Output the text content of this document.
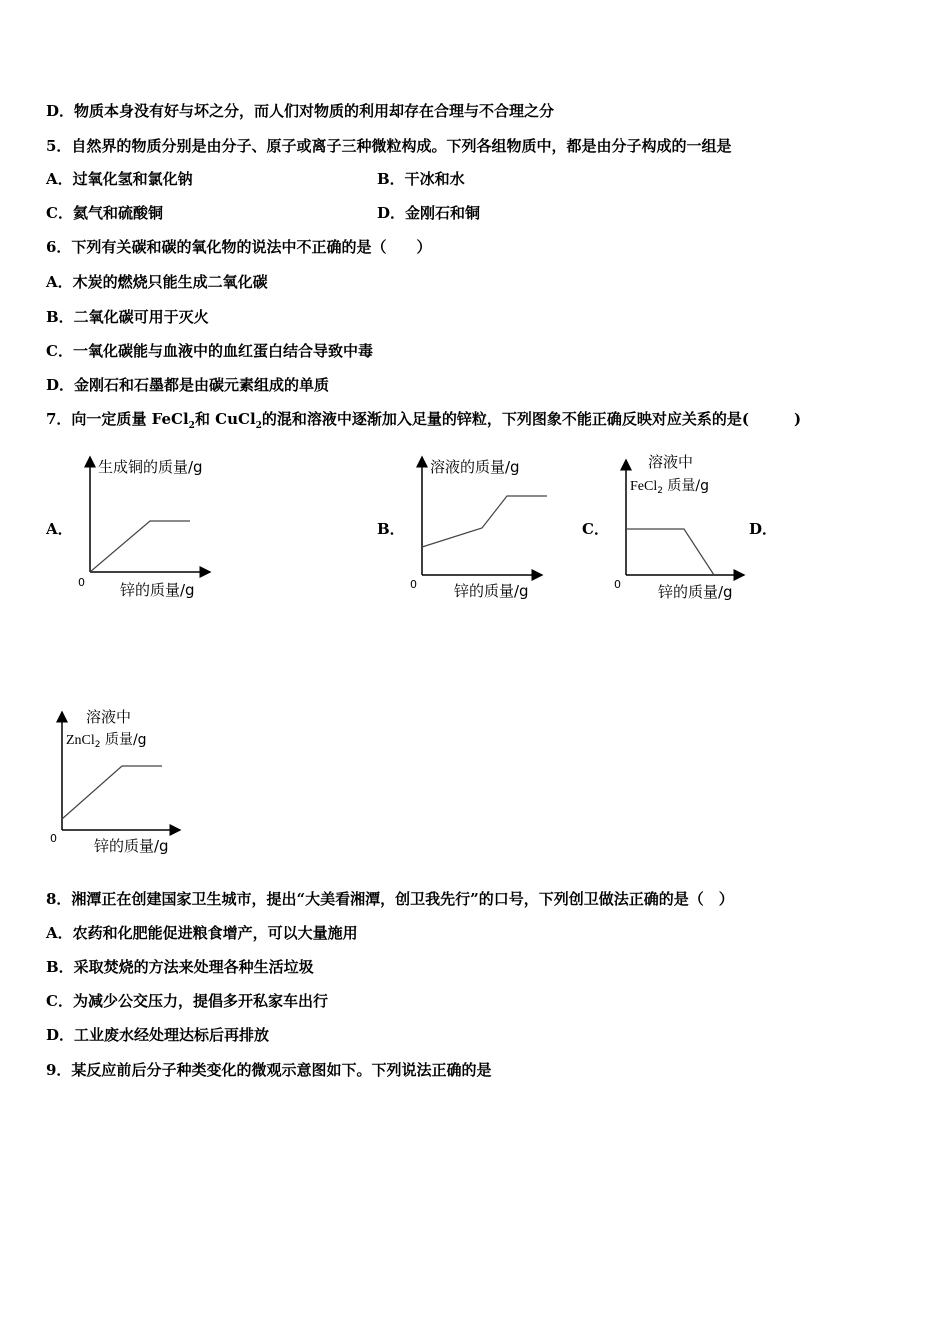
D．物质本身没有好与坏之分，而人们对物质的利用却存在合理与不合理之分
5．自然界的物质分别是由分子、原子或离子三种微粒构成。下列各组物质中，都是由分子构成的一组是
A．过氧化氢和氯化钠	B．干冰和水
C．氦气和硫酸铜	D．金刚石和铜
6．下列有关碳和碳的氧化物的说法中不正确的是（　　）
A．木炭的燃烧只能生成二氧化碳
B．二氧化碳可用于灭火
C．一氧化碳能与血液中的血红蛋白结合导致中毒
D．金刚石和石墨都是由碳元素组成的单质
7．向一定质量 FeCl$_2$和 CuCl$_2$的混和溶液中逐渐加入足量的锌粒，下列图象不能正确反映对应关系的是(　　　)
A．	B．	C．	D．
生成铜的质量/g
0 锌的质量/g
溶液的质量/g
0 锌的质量/g
溶液中
FeCl$_2$ 质量/g
0 锌的质量/g
溶液中
ZnCl$_2$ 质量/g
0 锌的质量/g
8．湘潭正在创建国家卫生城市，提出“大美看湘潭，创卫我先行”的口号，下列创卫做法正确的是（　）
A．农药和化肥能促进粮食增产，可以大量施用
B．采取焚烧的方法来处理各种生活垃圾
C．为减少公交压力，提倡多开私家车出行
D．工业废水经处理达标后再排放
9．某反应前后分子种类变化的微观示意图如下。下列说法正确的是
